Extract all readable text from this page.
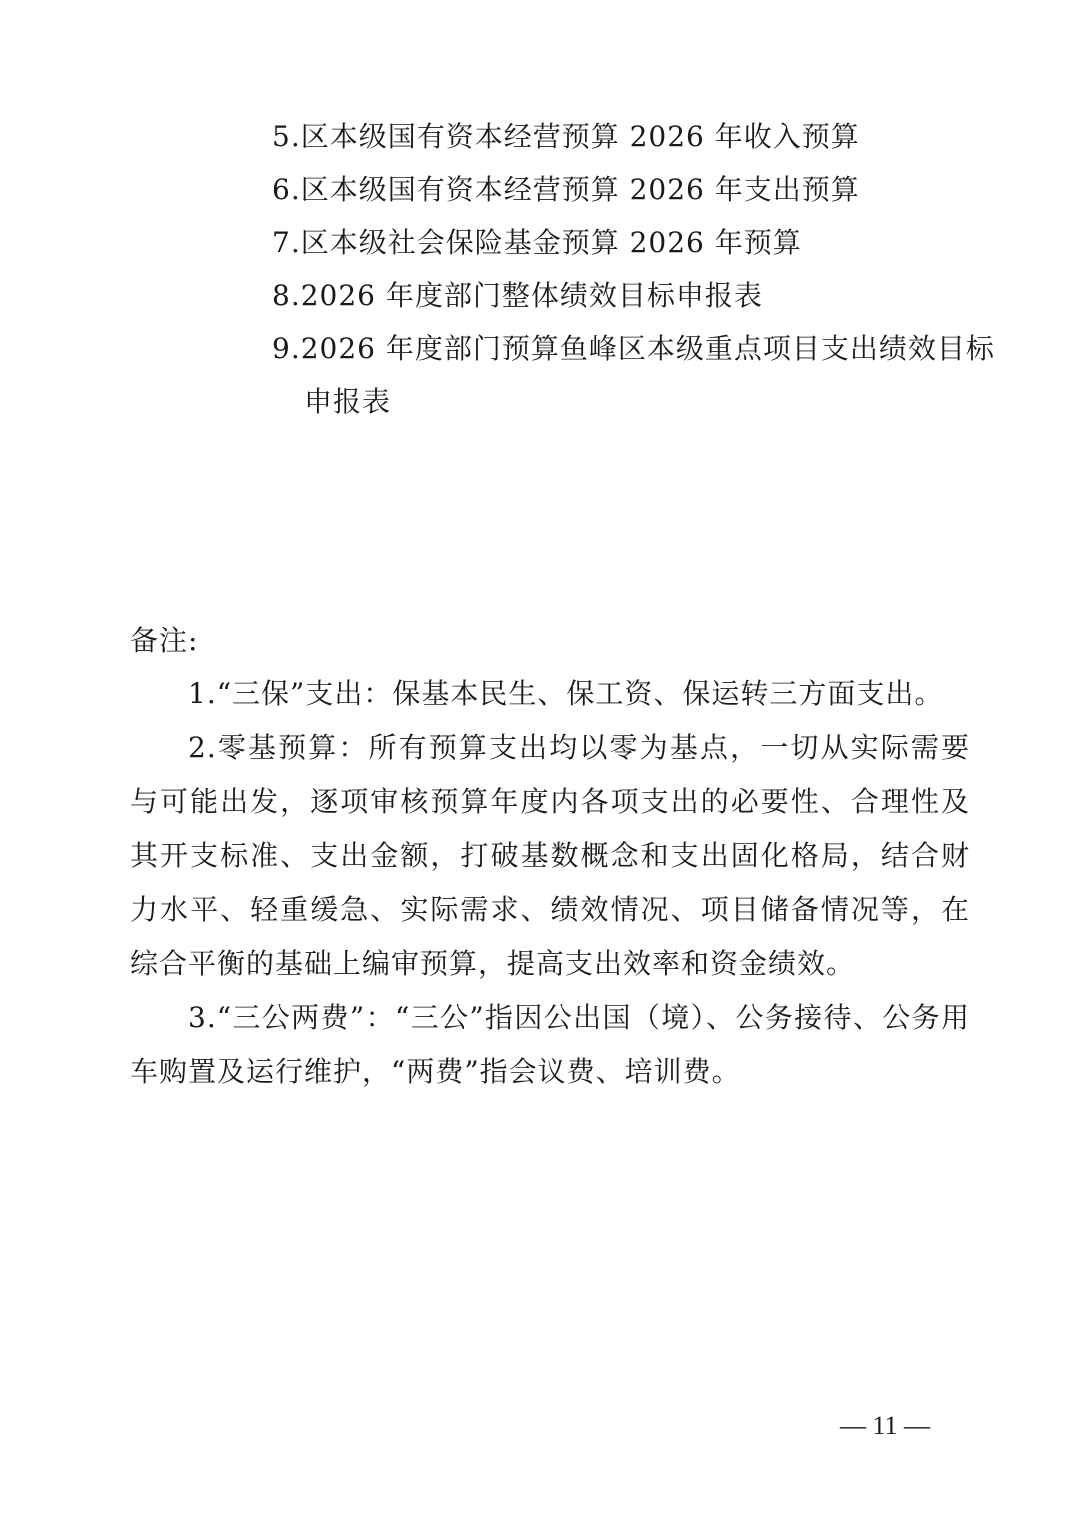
5.区本级国有资本经营预算 2026 年收入预算
6.区本级国有资本经营预算 2026 年支出预算
7.区本级社会保险基金预算 2026 年预算
8.2026 年度部门整体绩效目标申报表
9.2026 年度部门预算鱼峰区本级重点项目支出绩效目标
申报表
备注:

1.“三保”支出：保基本民生、保工资、保运转三方面支出。

2.零基预算：所有预算支出均以零为基点，一切从实际需要与可能出发，逐项审核预算年度内各项支出的必要性、合理性及其开支标准、支出金额，打破基数概念和支出固化格局，结合财力水平、轻重缓急、实际需求、绩效情况、项目储备情况等，在综合平衡的基础上编审预算，提高支出效率和资金绩效。

3.“三公两费”：“三公”指因公出国（境）、公务接待、公务用车购置及运行维护，“两费”指会议费、培训费。

— 11 —
